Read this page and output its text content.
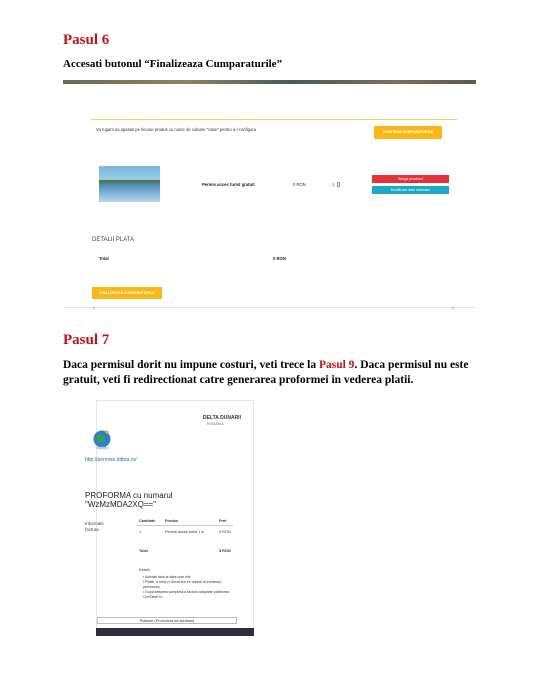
Pasul 6
Accesati butonul “Finalizeaza Cumparaturile”
Va rugam sa apasati pe fiecare produs cu nume de culoare "rosie" pentru a-l configura	CONTINUA CUMPARATURILE
Permis acces turist gratuit	0 RON	1
Sterge produsul
Modificare date detinator
DETALII PLATA
Total	0 RON
FINALIZEAZA CUMPARATURILE
‹	›
Pasul 7
Daca permisul dorit nu impune costuri, veti trece la Pasul 9. Daca permisul nu este gratuit, veti fi redirectionat catre generarea proformei in vederea platii.
DELTA DUNARII
ROMANIA
http://permise.ddbra.ro/
PROFORMA cu numarul
"WzMzMDA2XQ=="
Informatii
factura
Cantitate	Produs	Pret
1	Permis acces turist 1 zi	5 RON
Total	5 RON
Detalii
• Achitati taxa la data unei zile
• Platiti, a treia zi Generare se repare la emiterea permisului
• Dupa afisarea completa a facturii adaptate platforma GovTabel.ro
Plateste (Procedura de achitare)
